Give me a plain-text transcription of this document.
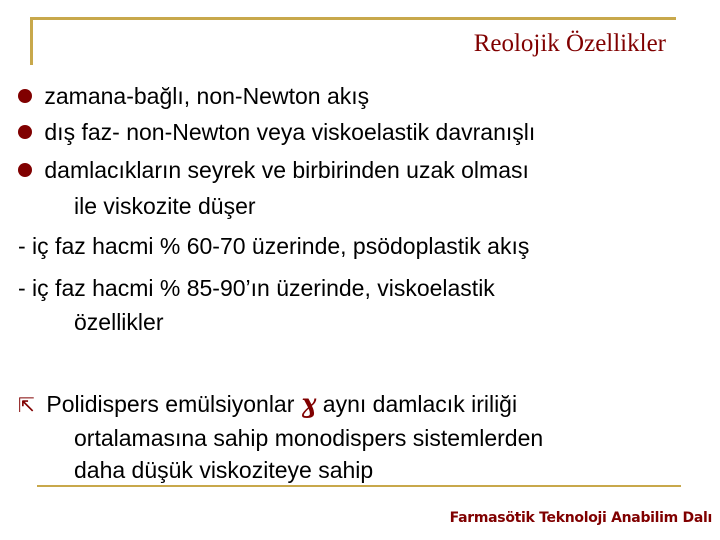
Reolojik Özellikler
zamana-bağlı, non-Newton akış
dış faz- non-Newton veya viskoelastik davranışlı
damlacıkların seyrek ve birbirinden uzak olması
ile viskozite düşer
- iç faz hacmi % 60-70 üzerinde, psödoplastik akış
- iç faz hacmi % 85-90’ın üzerinde, viskoelastik
özellikler
⇱ Polidispers emülsiyonlar ɣ aynı damlacık iriliği
ortalamasına sahip monodispers sistemlerden
daha düşük viskoziteye sahip
Farmasötik Teknoloji Anabilim Dalı
